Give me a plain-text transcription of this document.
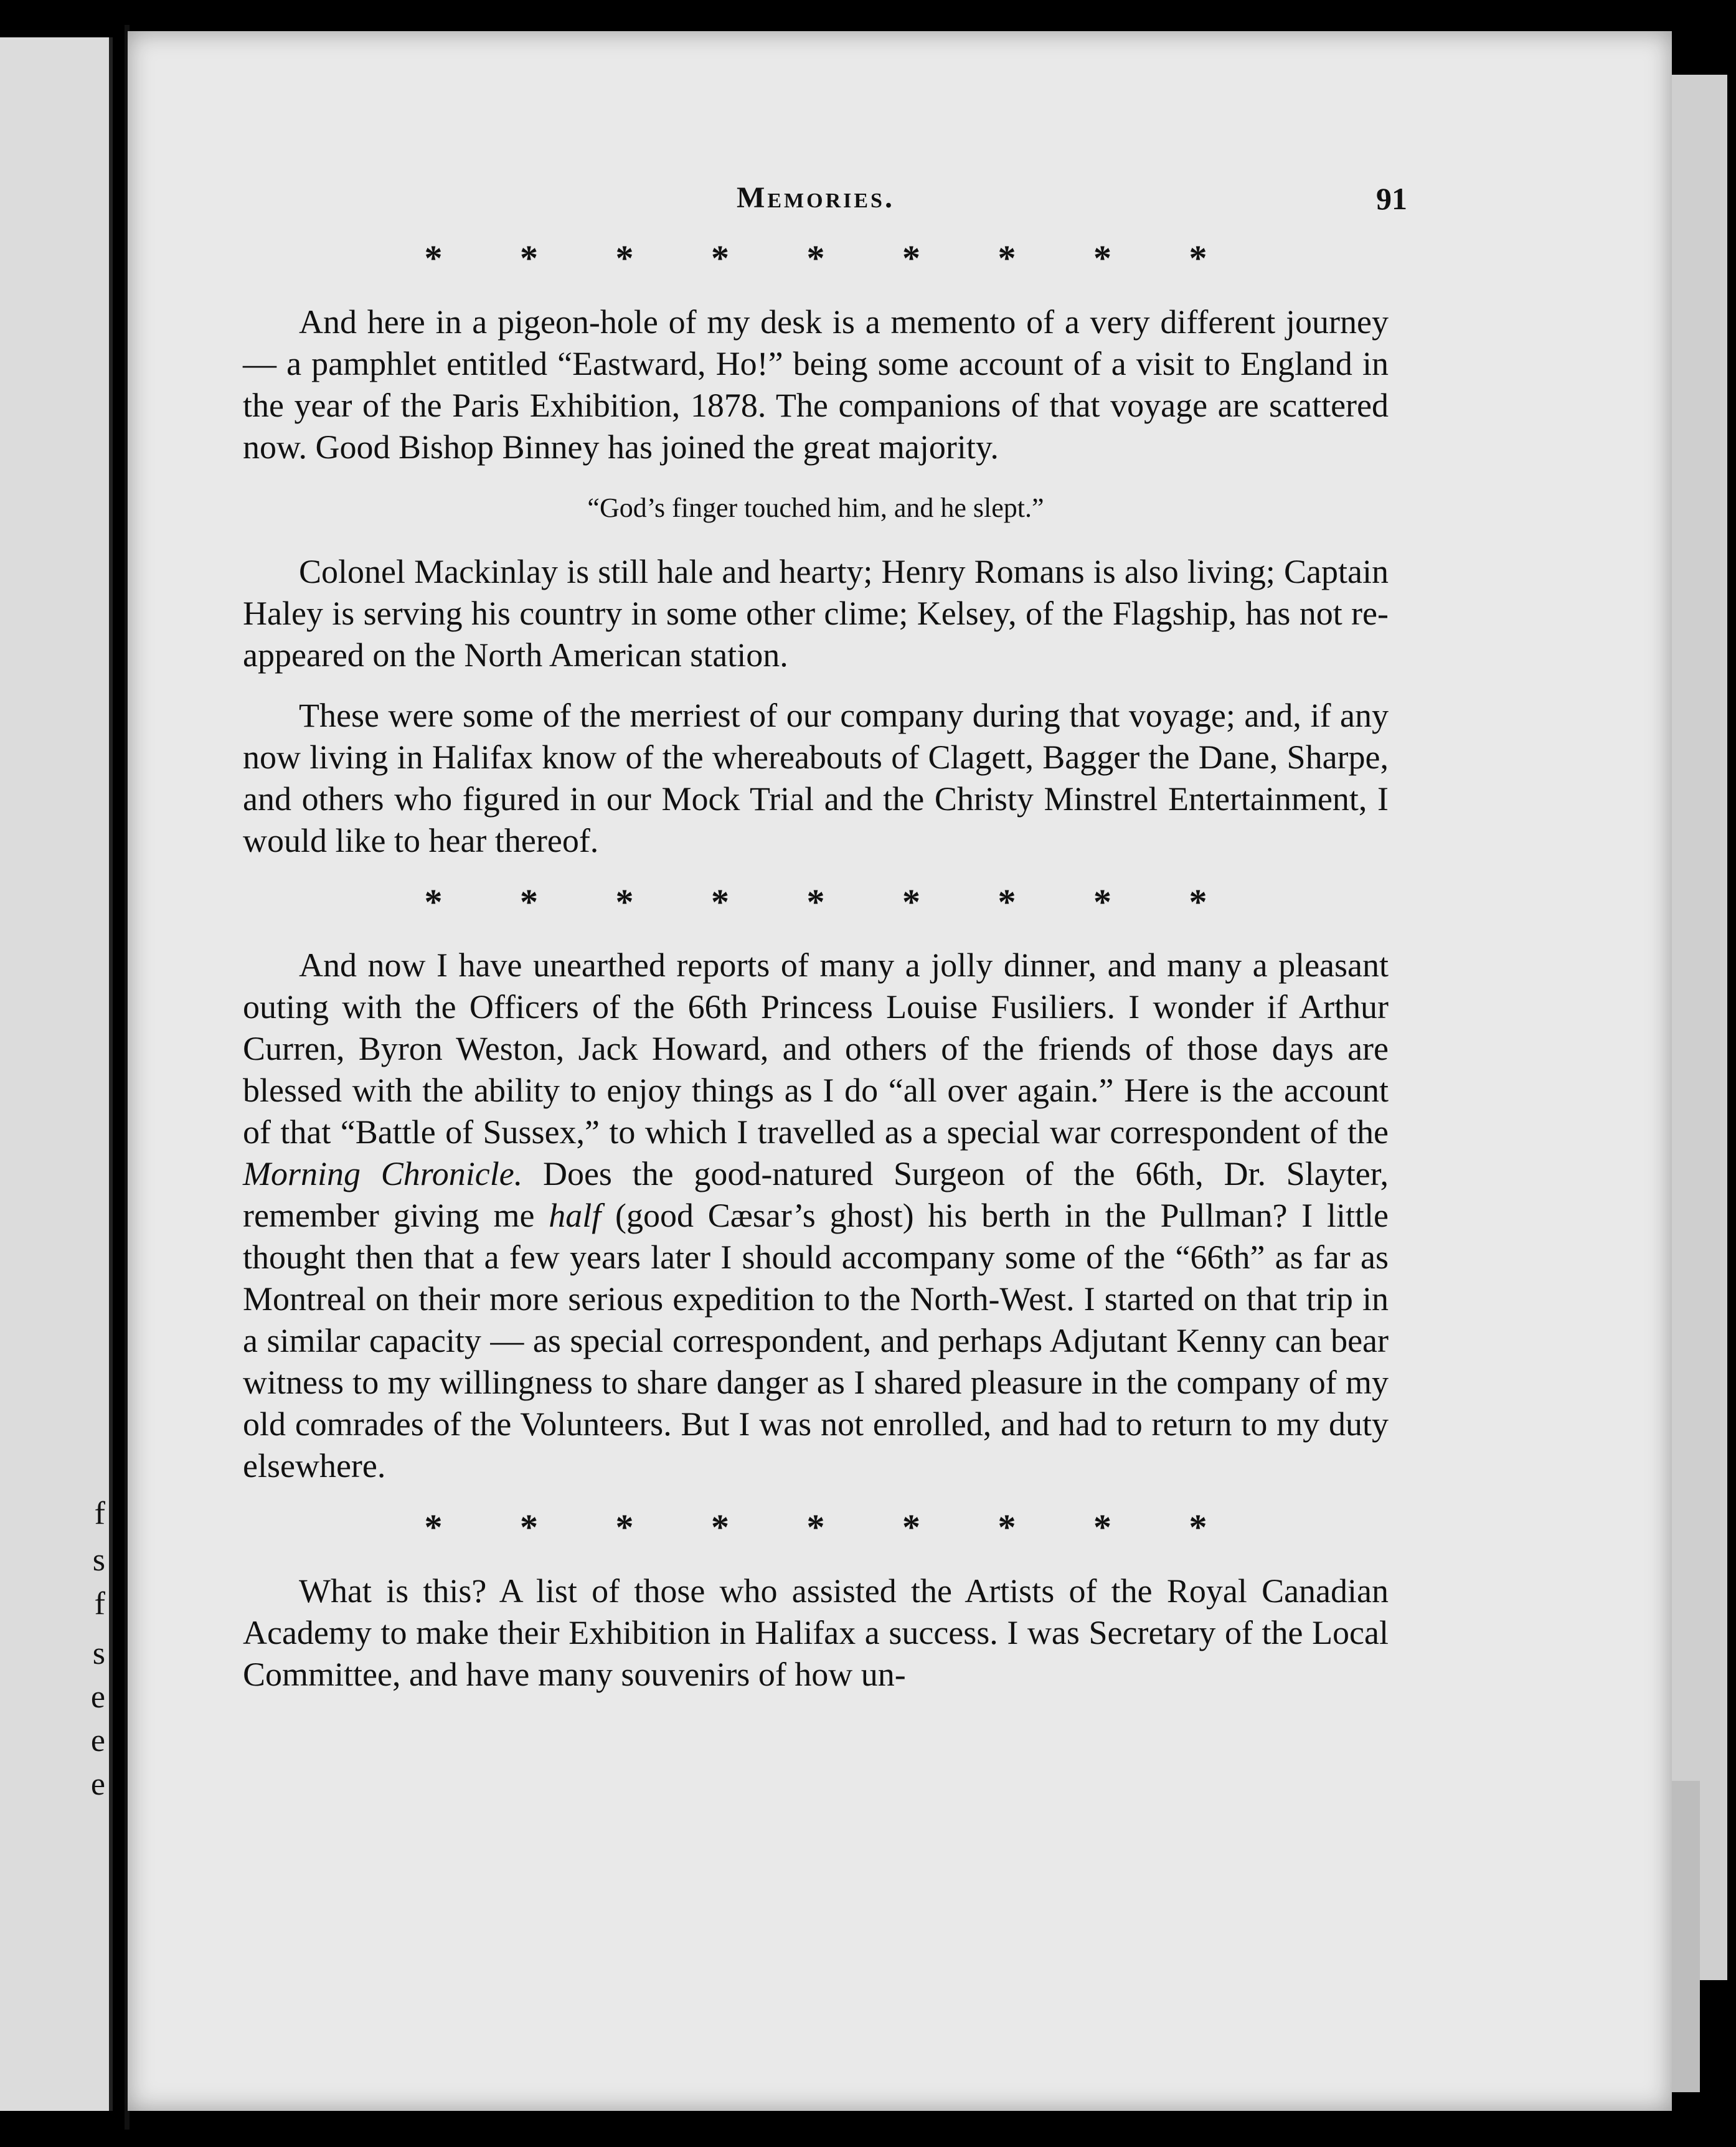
f
s
f
s
e
e
e
Memories.	91
* * * * * * * * *

And here in a pigeon-hole of my desk is a memento of a very different journey — a pamphlet entitled “Eastward, Ho!” being some account of a visit to England in the year of the Paris Exhibition, 1878. The companions of that voyage are scattered now. Good Bishop Binney has joined the great majority.

“God’s finger touched him, and he slept.”

Colonel Mackinlay is still hale and hearty; Henry Romans is also living; Captain Haley is serving his country in some other clime; Kelsey, of the Flagship, has not re-appeared on the North American station.

These were some of the merriest of our company during that voyage; and, if any now living in Halifax know of the whereabouts of Clagett, Bagger the Dane, Sharpe, and others who figured in our Mock Trial and the Christy Minstrel Entertainment, I would like to hear thereof.

* * * * * * * * *

And now I have unearthed reports of many a jolly dinner, and many a pleasant outing with the Officers of the 66th Princess Louise Fusiliers. I wonder if Arthur Curren, Byron Weston, Jack Howard, and others of the friends of those days are blessed with the ability to enjoy things as I do “all over again.” Here is the account of that “Battle of Sussex,” to which I travelled as a special war correspondent of the Morning Chronicle. Does the good-natured Surgeon of the 66th, Dr. Slayter, remember giving me half (good Cæsar’s ghost) his berth in the Pullman? I little thought then that a few years later I should accompany some of the “66th” as far as Montreal on their more serious expedition to the North-West. I started on that trip in a similar capacity — as special correspondent, and perhaps Adjutant Kenny can bear witness to my willingness to share danger as I shared pleasure in the company of my old comrades of the Volunteers. But I was not enrolled, and had to return to my duty elsewhere.

* * * * * * * * *

What is this? A list of those who assisted the Artists of the Royal Canadian Academy to make their Exhibition in Halifax a success. I was Secretary of the Local Committee, and have many souvenirs of how un-
